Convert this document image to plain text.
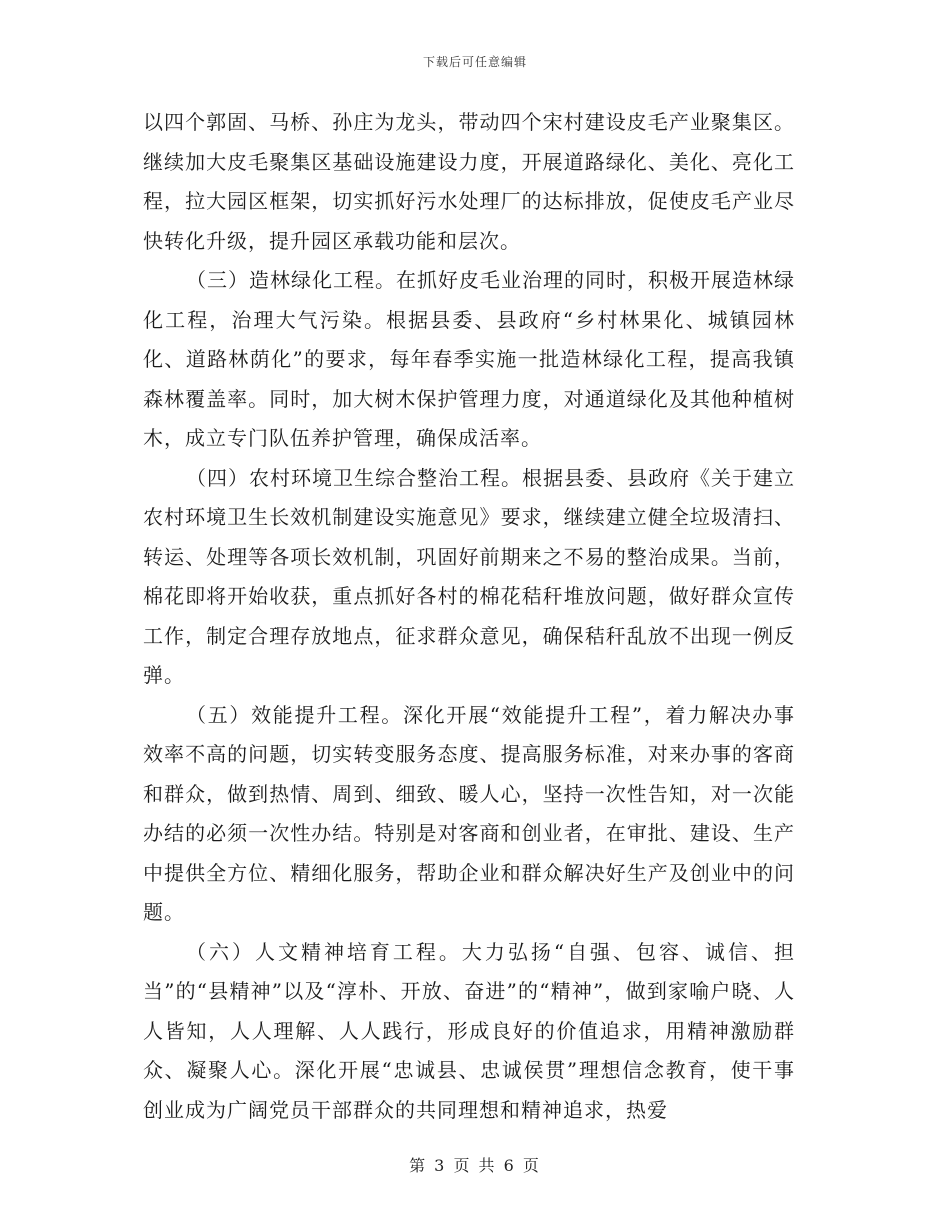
下载后可任意编辑

以四个郭固、马桥、孙庄为龙头，带动四个宋村建设皮毛产业聚集区。继续加大皮毛聚集区基础设施建设力度，开展道路绿化、美化、亮化工程，拉大园区框架，切实抓好污水处理厂的达标排放，促使皮毛产业尽快转化升级，提升园区承载功能和层次。

（三）造林绿化工程。在抓好皮毛业治理的同时，积极开展造林绿化工程，治理大气污染。根据县委、县政府“乡村林果化、城镇园林化、道路林荫化”的要求，每年春季实施一批造林绿化工程，提高我镇森林覆盖率。同时，加大树木保护管理力度，对通道绿化及其他种植树木，成立专门队伍养护管理，确保成活率。

（四）农村环境卫生综合整治工程。根据县委、县政府《关于建立农村环境卫生长效机制建设实施意见》要求，继续建立健全垃圾清扫、转运、处理等各项长效机制，巩固好前期来之不易的整治成果。当前，棉花即将开始收获，重点抓好各村的棉花秸秆堆放问题，做好群众宣传工作，制定合理存放地点，征求群众意见，确保秸秆乱放不出现一例反弹。

（五）效能提升工程。深化开展“效能提升工程”，着力解决办事效率不高的问题，切实转变服务态度、提高服务标准，对来办事的客商和群众，做到热情、周到、细致、暖人心，坚持一次性告知，对一次能办结的必须一次性办结。特别是对客商和创业者，在审批、建设、生产中提供全方位、精细化服务，帮助企业和群众解决好生产及创业中的问题。

（六）人文精神培育工程。大力弘扬“自强、包容、诚信、担当”的“县精神”以及“淳朴、开放、奋进”的“精神”，做到家喻户晓、人人皆知，人人理解、人人践行，形成良好的价值追求，用精神激励群众、凝聚人心。深化开展“忠诚县、忠诚侯贯”理想信念教育，使干事创业成为广阔党员干部群众的共同理想和精神追求，热爱

第 3 页 共 6 页
